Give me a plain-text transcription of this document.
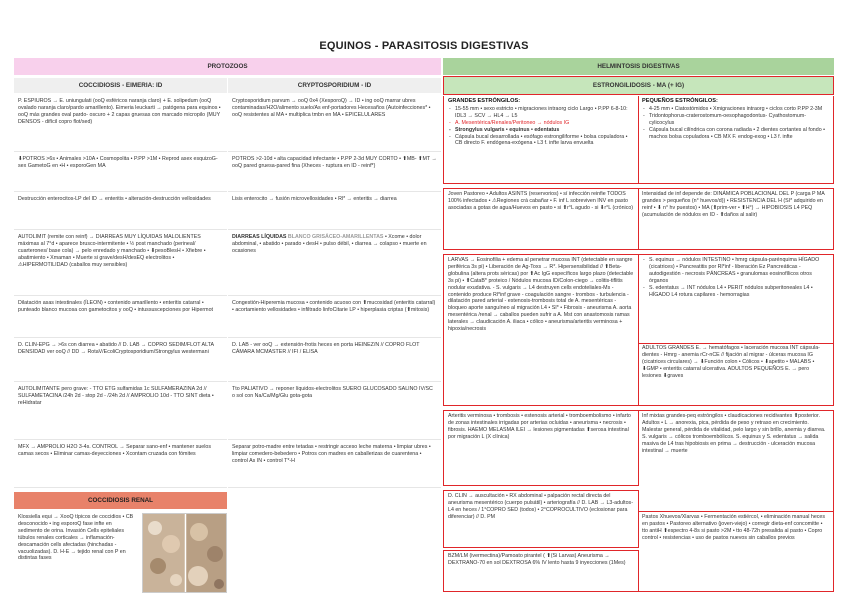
EQUINOS - PARASITOSIS DIGESTIVAS
PROTOZOOS
COCCIDIOSIS - EIMERIA: ID	CRYPTOSPORIDIUM - ID
P. ESPIUROS → E. uniungulati (ooQ esféricos naranja claro) + E. solipedum (ooQ ovalado naranja claro/pardo amarillento). Eimeria leuckarti → patógena para equinos • ooQ más grandes oval pardo- oscuro + 2 capas gruesas con marcado micropilo (MUY DENSOS - difícil copro flot/sed)
⬇POTROS >6s • Animales >10A • Cosmopolita • P.PP >1M • Reprod asex esquizoG-sex GametoG en •H • esporoGen MA
Destrucción enterocitos-LP del ID → enteritis • alteración-destrucción vellosidades
AUTOLIMIT (remite con reinf) → DIARREAS MUY LÍQUIDAS MALOLIENTES máximas al 7°d • aparece brusco-intermitente • ½ post manchado (perineal/ cuarterones/ base cola) → pelo enredado y manchado • ⬇pesoBlesH • Xfiebre • abatimiento • Xmaman • Muerte si grave/desH/desEQ electrolitos • ⚠HIPERMOTILIDAD (caballos muy sensibles)
Dilatación asas intestinales (ÍLEON) • contenido amarillento • enteritis catarral • punteado blanco mucosa con gametocitos y ooQ • intussuscepciones por Hipermot
D. CLIN-EPG → >6s con diarrea • abatido // D. LAB → COPRO SEDIM/FLOT ALTA DENSIDAD ver ooQ // DD → RotaV/EcoliCryptosporidium/Strongylus westermani
AUTOLIMITANTE pero grave: - TTO ETG sulfamidas 1c SULFAMERAZINA 2d // SULFAMETACINA /24h 2d - stop 2d - /24h 2d // AMPROLIO 10d - TTO SINT dieta • reHidratar
MFX → AMPROLIO H2O 3-4s. CONTROL → Separar sano-enf • mantener suelos camas secos • Eliminar camas-deyecciones • Xcontam cruzada con fómites
Cryptosporidium parvum → ooQ 0x4 (XesporoQ) → ID • ing ooQ marrar ubres contaminadas/H2O/alimento suelo/As enf-portadores Hecesaños (Autoinfecciones* • ooQ resistentes al MA • multiplica tmbn en MA • EPICELULARES
POTROS >2-10d • alta capacidad infectante • P.PP 2-3d MUY CORTO • ⬆MB- ⬆MT → ooQ pared gruesa-pared fina (Xheces - ruptura en ID - reinf*)
Lisis enterocito → fusión microvellosidades • Rl* → enteritis → diarrea
DIARREAS LÍQUIDAS BLANCO GRISÁCEO-AMARILLENTAS • Xcome • dolor abdominal, • abatido • parado • desH • pulso débil, • diarrea → colapso • muerte en ocasiones
Congestión-Hiperemia mucosa • contenido acuoso con ⬆mucosidad (enteritis catarral) • acortamiento vellosidades • infiltrado linfoCitarie LP • hiperplasia criptas (⬆mitosis)
D. LAB - ver ooQ → extensión-frotis heces en porta HEINEZ/N // COPRO FLOT CÁMARA MCMASTER // IFI / ELISA
Tto PALIATIVO → reponer líquidos-electrolitos SUERO GLUCOSADO SALINO IV/SC o sol con Na/Ca/Mg/Glu gota-gota
Separar potro-madre entre tetadas • restringir acceso leche materna • limpiar ubres • limpiar comedero-bebedero • Potros con madres en caballerizas de cuarentena • control As IN • control T*-H
COCCIDIOSIS RENAL
Klossiella equi → XooQ típicos de coccidios • CB desconocido • ing esporoQ fase infte en sedimento de orina. Invasión Cells epiteliales túbulos renales corticales → inflamación-descamación cells afectadas (hinchadas - vacuolizadas). D. H-E → tejido renal con P en distintas fases
HELMINTOSIS DIGESTIVAS
ESTRONGILIDOSIS - MA (+ IG)
GRANDES ESTRÓNGILOS:
- 15-55 mm • sexo estricto • migraciones intraorg ciclo Largo • P.PP 6-8-10: IDL3 → SCV → HL4 → L5
- A. Mesentérica/Renales/Peritoneo → nódulos IG
- Strongylus vulgaris • equinus • edentatus
- Cápsula bucal desarrollada • esófago estrongiliforme • bolsa copuladora • CB directo F. endógena-exógena • L3 f. infte larva envuelta
PEQUEÑOS ESTRÓNGILOS:
- 4-25 mm • Ciatostómidos • Xmigraciones intraorg • ciclos corto P.PP 2-3M
- Tridontophorus-craterostomum-oesophagodontus- Cyathostomum-cylicocylus
- Cápsula bucal cilíndrica con corona radiada • 2 dientes cortantes al fondo • machos bolsa copuladora • CB MX F. endog-exog • L3 f. infte
Joven Pastoreo • Adultos ASINTS (reservorios) • sí infección reinfie TODOS 100% infectados • ⚠Regiones crá cabañar • F. inf L sobreviven INV en pasto asociadas a gotas de agua/Huevos en pasto • si ⬆r°L agudo - si ⬇r°L (crónico)
Intensidad de inf depende de: DINÁMICA POBLACIONAL DEL P (carga P MA grandes > pequeños (n° huevos/d)) • RESISTENCIA DEL H (SI* adquirido en reinf • ⬇ n° hv puestos) • MA (⬆prim-ver • ⬆H°) → HIPOBIOSIS L4 PEQ (acumulación de nódulos en ID - ⬆daños al salir)
LARVAS → Eosinofilia + edema al penetrar mucosa INT (detectable en sangre periférica 3s pi) • Liberación de Ag-Toxs → R*. Hipersensibilidad // ⬆Beta-globulina (altera prots séricas) por ⬆Ac IgG específicos largo plazo (detectable 3s pi) • ⬆CataB* proteico / Nódulos mucosa ID/Colon-ciego → colitis-tiflitis nodular exudativa. - S. vulgaris → L4 destruyen cells endoteliales-Ms - contenido produce Rl*inf grave - coagulación sangre - trombos - turbulencia - dilatación pared arterial - estenosis-trombosis total de A. mesentéricas - bloqueo aporte sanguíneo al migración L4 • SI* • Fibrosis - aneurisma A. aorta mesentérica /renal → caballos pueden sufrir a A. Mst con anastomosis ramas laterales → claudicación A. iliaca • cólico • aneurisma/arteritis verminosa + hipoxia/necrosis
- S. equinus → nódulos INTESTINO • hmrg cápsula-parénquima HÍGADO (cicatrices) • Pancreatitis por Rl*inf - liberación Ez Pancreáticas - autodigestión - necrosis PÁNCREAS • granulomas eosinofílicos otros órganos
- S. edentatus → INT nódulos L4 • PERIT nódulos subperitoneales L4 • HÍGADO L4 rotura capilares - hemorragias
ADULTOS GRANDES E. → hematófagos • laceración mucosa INT cápsula-dientes - Hmrg - anemia rCr-nCE // fijación al migrar - úlceras mucosa IG (cicatrices circulares) → ⬇Función colon • Cólicos • ⬇apetito • MALABS • ⬇GMP • enteritis catarral ulcerativa. ADULTOS PEQUEÑOS E. → pero lesiones ⬇graves
Arteritis verminosa • trombosis • estenosis arterial • tromboembolismo • infarto de zonas intestinales irrigadas por arterias ocluidas • aneurisma • necrosis • fibrosis. HAEMO MELASMA ILEI → lesiones pigmentadas ⬆serosa intestinal por migración L (X clínica)
Inf mixtas grandes-peq estróngilos • claudicaciones recidivantes ⬆posterior. Adultos • L → anorexia, pica, pérdida de peso y retraso en crecimiento. Malestar general, pérdida de vitalidad, pelo largo y sin brillo, anemia y diarrea. S. vulgaris → cólicos tromboembólicos. S. equinus y S. edentatus → salida masiva de L4 tras hipobiosis en prima → destrucción - ulceración mucosa intestinal → muerte
D. CLIN → auscultación • RX abdominal • palpación rectal directa del aneurisma mesentérico (cuerpo pulsátil) • arteriografía // D. LAB → L3-adultos-L4 en heces / 1°COPRO SED (todos) • 2°COPROCULTIVO (eclosionar para diferenciar) // D. PM	Pastos Xhuevos/Xlarvas • Fermentación estiércol, • eliminación manual heces en pastos • Pastoreo alternativo (joven-viejo) • corregir dieta-enf concomitte • tto antiH ⬆espectro 4-8s si pasto >2M • tto 48-72h presalida al pasto • Copro control • resistencias • uso de pastos nuevos sin caballos previos
BZM/LM (ivermectina)/Pamoato pirantel ( ⬆(Si Larvas) Aneurisma → DEXTRANO-70 en sol DEXTROSA 6% IV lento hasta 9 inyecciones (1Mes)
